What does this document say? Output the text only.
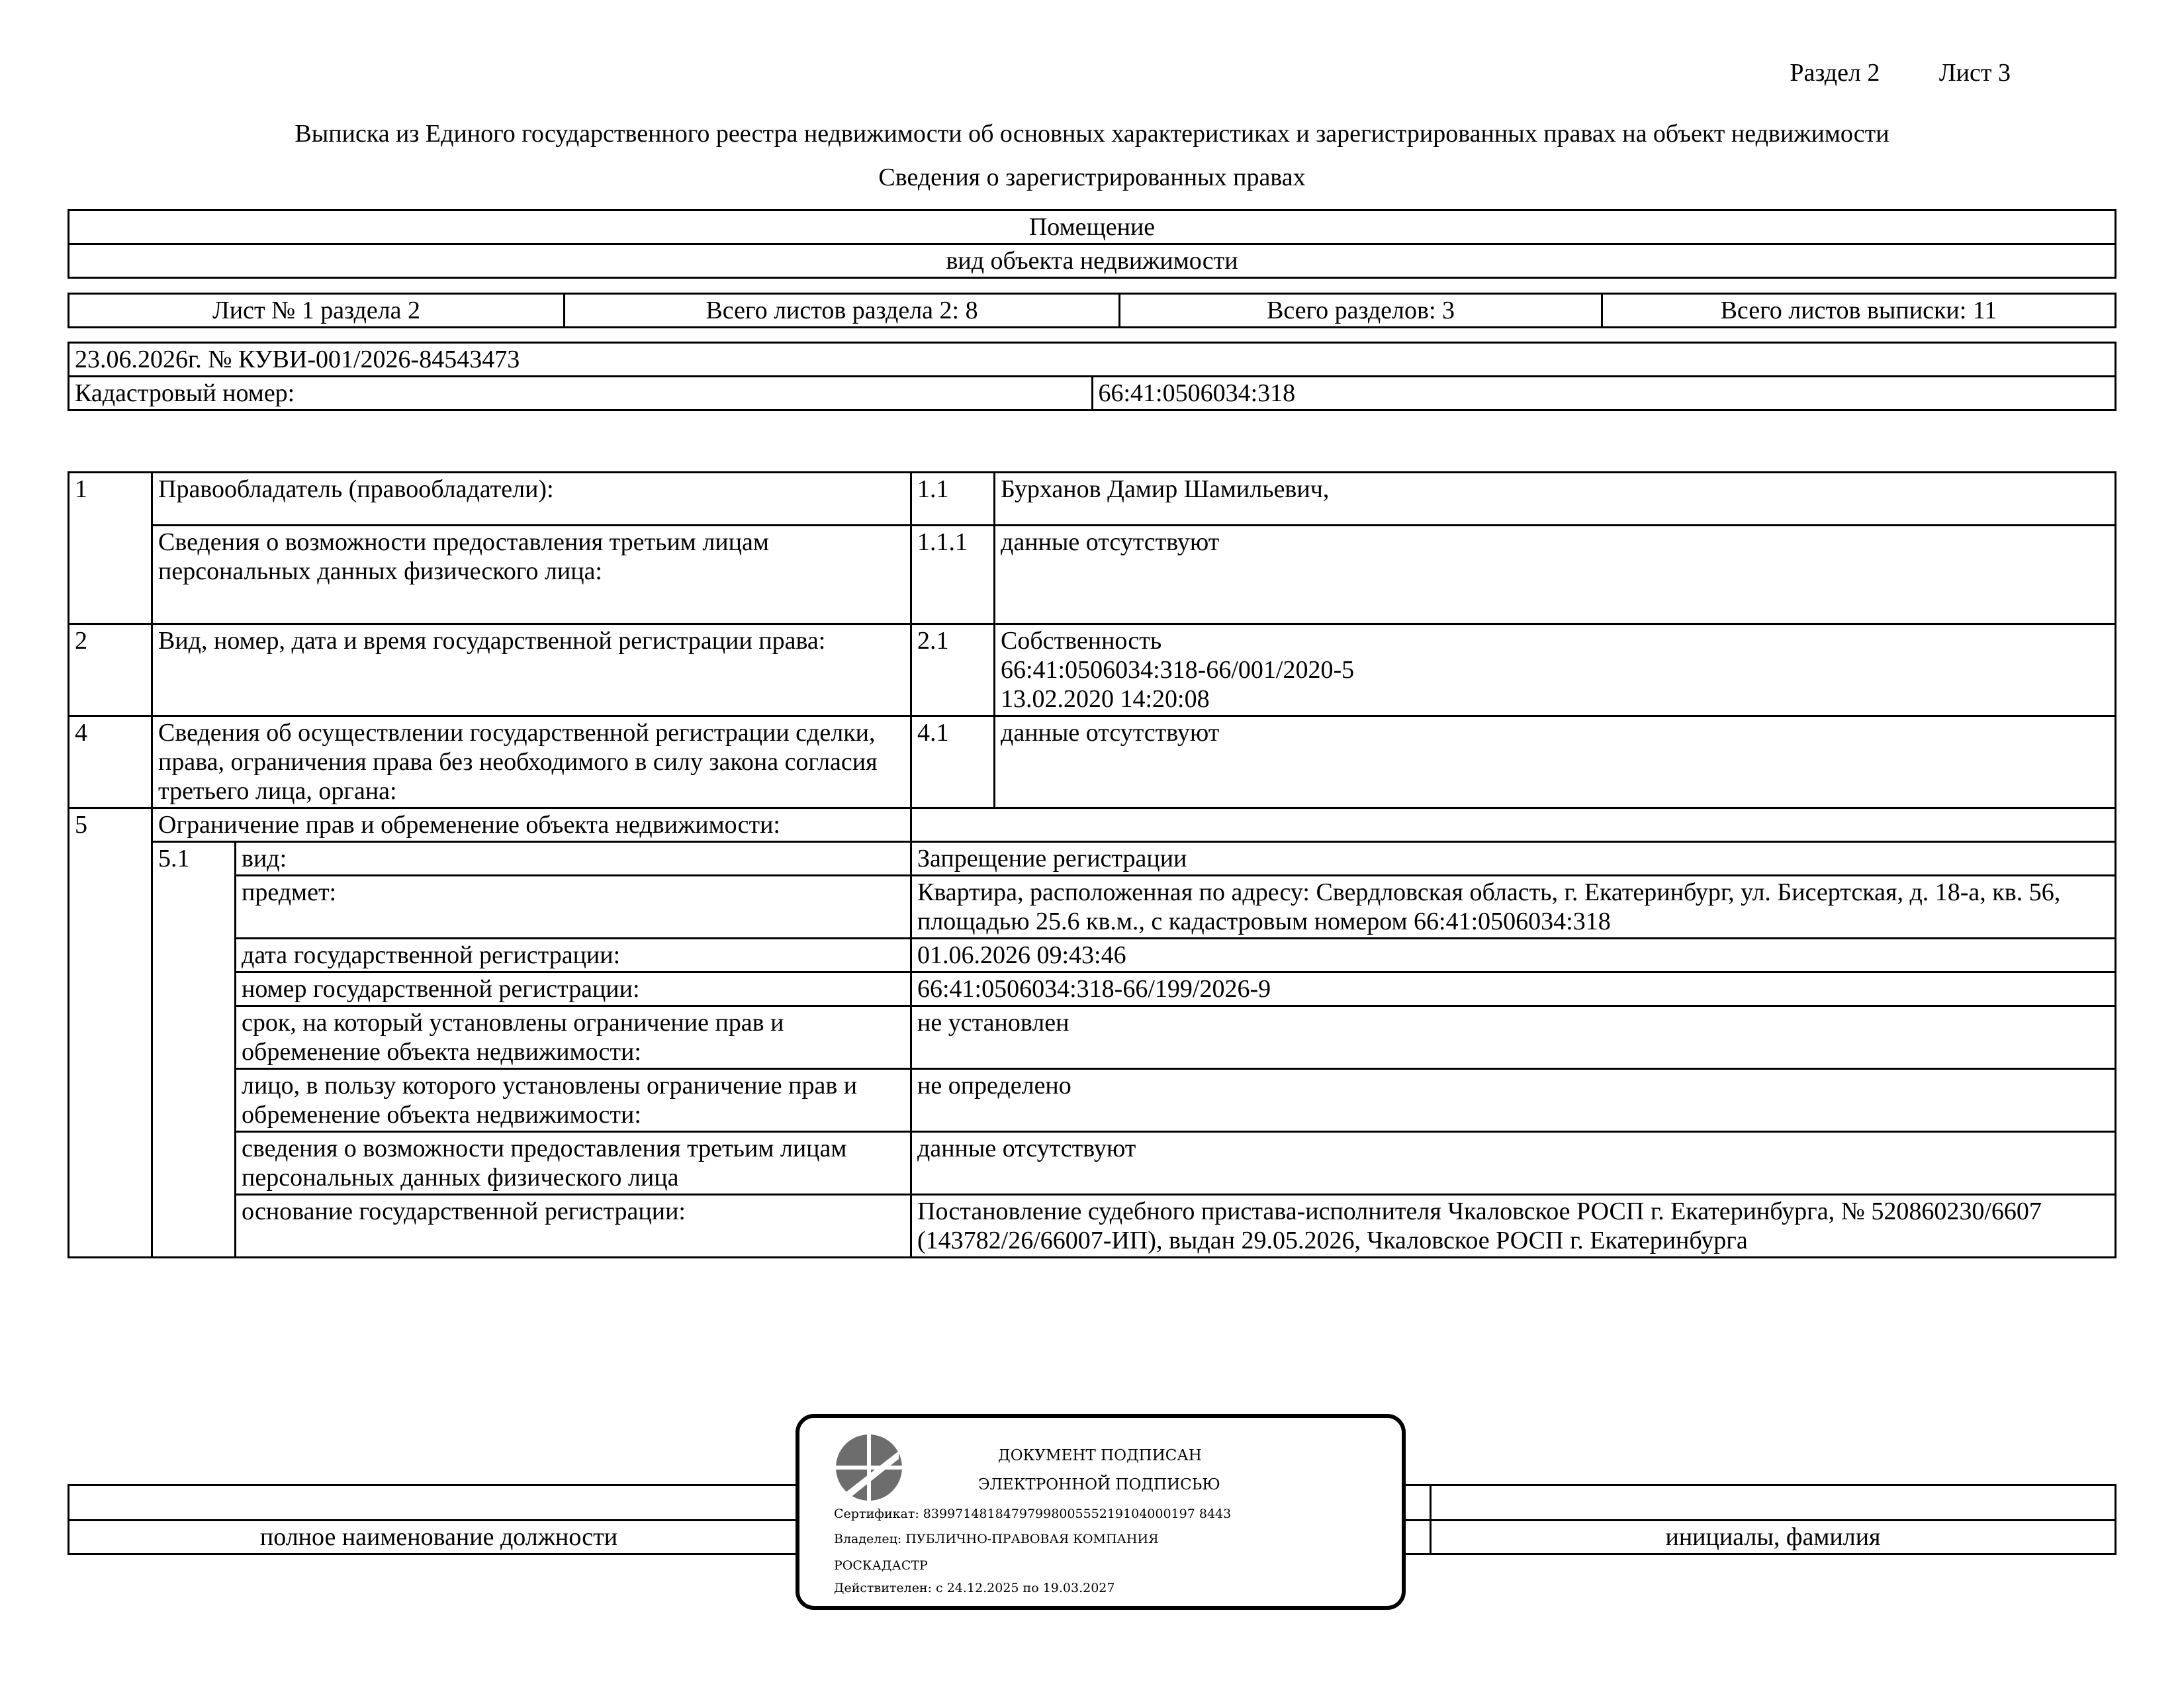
Раздел 2 Лист 3
Выписка из Единого государственного реестра недвижимости об основных характеристиках и зарегистрированных правах на объект недвижимости
Сведения о зарегистрированных правах
Помещение
вид объекта недвижимости
Лист № 1 раздела 2	Всего листов раздела 2: 8	Всего разделов: 3	Всего листов выписки: 11
23.06.2026г. № КУВИ-001/2026-84543473
Кадастровый номер:	66:41:0506034:318
1	Правообладатель (правообладатели):		1.1	Бурханов Дамир Шамильевич,
	Сведения о возможности предоставления третьим лицам персональных данных физического лица:		1.1.1	данные отсутствуют
2	Вид, номер, дата и время государственной регистрации права:		2.1	Собственность
66:41:0506034:318-66/001/2020-5
13.02.2020 14:20:08

4	Сведения об осуществлении государственной регистрации сделки, права, ограничения права без необходимого в силу закона согласия третьего лица, органа:		4.1	данные отсутствуют
5	Ограничение прав и обременение объекта недвижимости:			
	5.1	вид:	Запрещение регистрации	
		предмет:	Квартира, расположенная по адресу: Свердловская область, г. Екатеринбург, ул. Бисертская, д. 18-а, кв. 56, площадью 25.6 кв.м., с кадастровым номером 66:41:0506034:318	
		дата государственной регистрации:	01.06.2026 09:43:46	
		номер государственной регистрации:	66:41:0506034:318-66/199/2026-9	
		срок, на который установлены ограничение прав и обременение объекта недвижимости:	не установлен	
		лицо, в пользу которого установлены ограничение прав и обременение объекта недвижимости:	не определено	
		сведения о возможности предоставления третьим лицам персональных данных физического лица	данные отсутствуют	
		основание государственной регистрации:	Постановление судебного пристава-исполнителя Чкаловское РОСП г. Екатеринбурга, № 520860230/6607 (143782/26/66007-ИП), выдан 29.05.2026, Чкаловское РОСП г. Екатеринбурга	

полное наименование должности		инициалы, фамилия
ДОКУМЕНТ ПОДПИСАН
ЭЛЕКТРОННОЙ ПОДПИСЬЮ
Сертификат: 8399714818479799800555219104000197 8443
Владелец: ПУБЛИЧНО-ПРАВОВАЯ КОМПАНИЯ
РОСКАДАСТР
Действителен: с 24.12.2025 по 19.03.2027
